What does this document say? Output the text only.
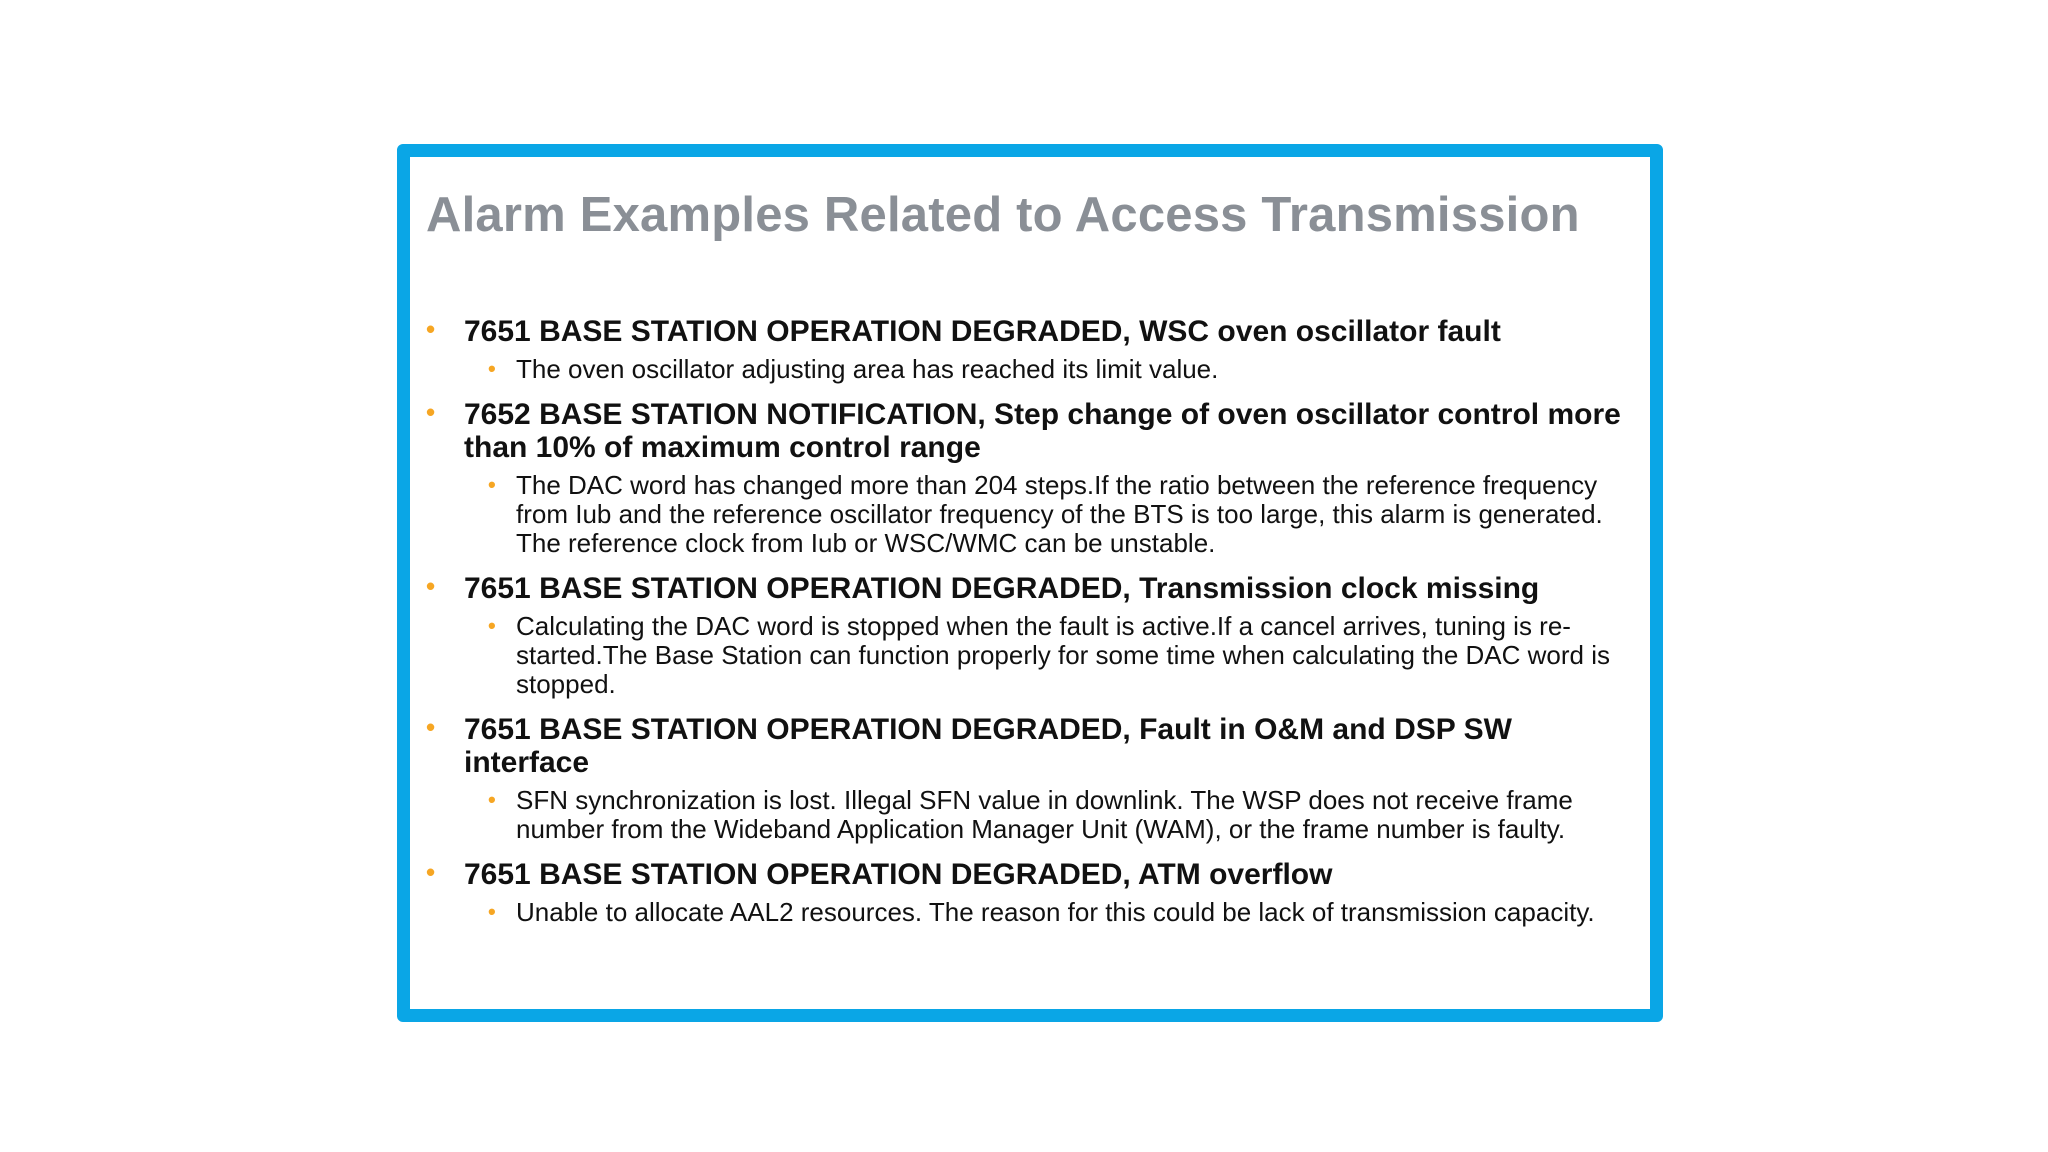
Alarm Examples Related to Access Transmission
• 7651 BASE STATION OPERATION DEGRADED, WSC oven oscillator fault
• The oven oscillator adjusting area has reached its limit value.
• 7652 BASE STATION NOTIFICATION, Step change of oven oscillator control more than 10% of maximum control range
• The DAC word has changed more than 204 steps.If the ratio between the reference frequency from Iub and the reference oscillator frequency of the BTS is too large, this alarm is generated. The reference clock from Iub or WSC/WMC can be unstable.
• 7651 BASE STATION OPERATION DEGRADED, Transmission clock missing
• Calculating the DAC word is stopped when the fault is active.If a cancel arrives, tuning is re-started.The Base Station can function properly for some time when calculating the DAC word is stopped.
• 7651 BASE STATION OPERATION DEGRADED, Fault in O&M and DSP SW interface
• SFN synchronization is lost. Illegal SFN value in downlink. The WSP does not receive frame number from the Wideband Application Manager Unit (WAM), or the frame number is faulty.
• 7651 BASE STATION OPERATION DEGRADED, ATM overflow
• Unable to allocate AAL2 resources. The reason for this could be lack of transmission capacity.
